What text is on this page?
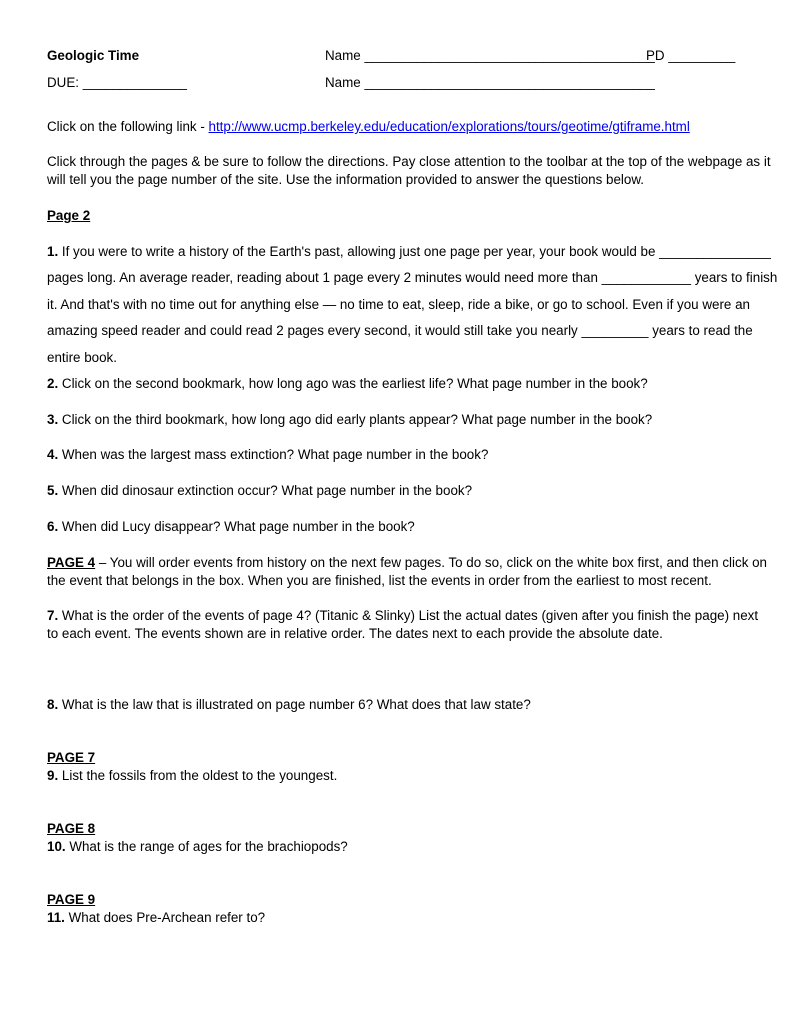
Geologic Time	Name _______________________________________
PD _________
DUE: ______________	Name _______________________________________
Click on the following link - http://www.ucmp.berkeley.edu/education/explorations/tours/geotime/gtiframe.html
Click through the pages & be sure to follow the directions. Pay close attention to the toolbar at the top of the webpage as it
will tell you the page number of the site. Use the information provided to answer the questions below.
Page 2
1. If you were to write a history of the Earth's past, allowing just one page per year, your book would be _______________
pages long. An average reader, reading about 1 page every 2 minutes would need more than ____________ years to finish
it. And that's with no time out for anything else — no time to eat, sleep, ride a bike, or go to school. Even if you were an
amazing speed reader and could read 2 pages every second, it would still take you nearly _________ years to read the
entire book.
2. Click on the second bookmark, how long ago was the earliest life? What page number in the book?
3. Click on the third bookmark, how long ago did early plants appear? What page number in the book?
4. When was the largest mass extinction? What page number in the book?
5. When did dinosaur extinction occur? What page number in the book?
6. When did Lucy disappear? What page number in the book?
PAGE 4 – You will order events from history on the next few pages. To do so, click on the white box first, and then click on
the event that belongs in the box. When you are finished, list the events in order from the earliest to most recent.
7. What is the order of the events of page 4? (Titanic & Slinky) List the actual dates (given after you finish the page) next
to each event. The events shown are in relative order. The dates next to each provide the absolute date.
8. What is the law that is illustrated on page number 6? What does that law state?
PAGE 7
9. List the fossils from the oldest to the youngest.
PAGE 8
10. What is the range of ages for the brachiopods?
PAGE 9
11. What does Pre-Archean refer to?
